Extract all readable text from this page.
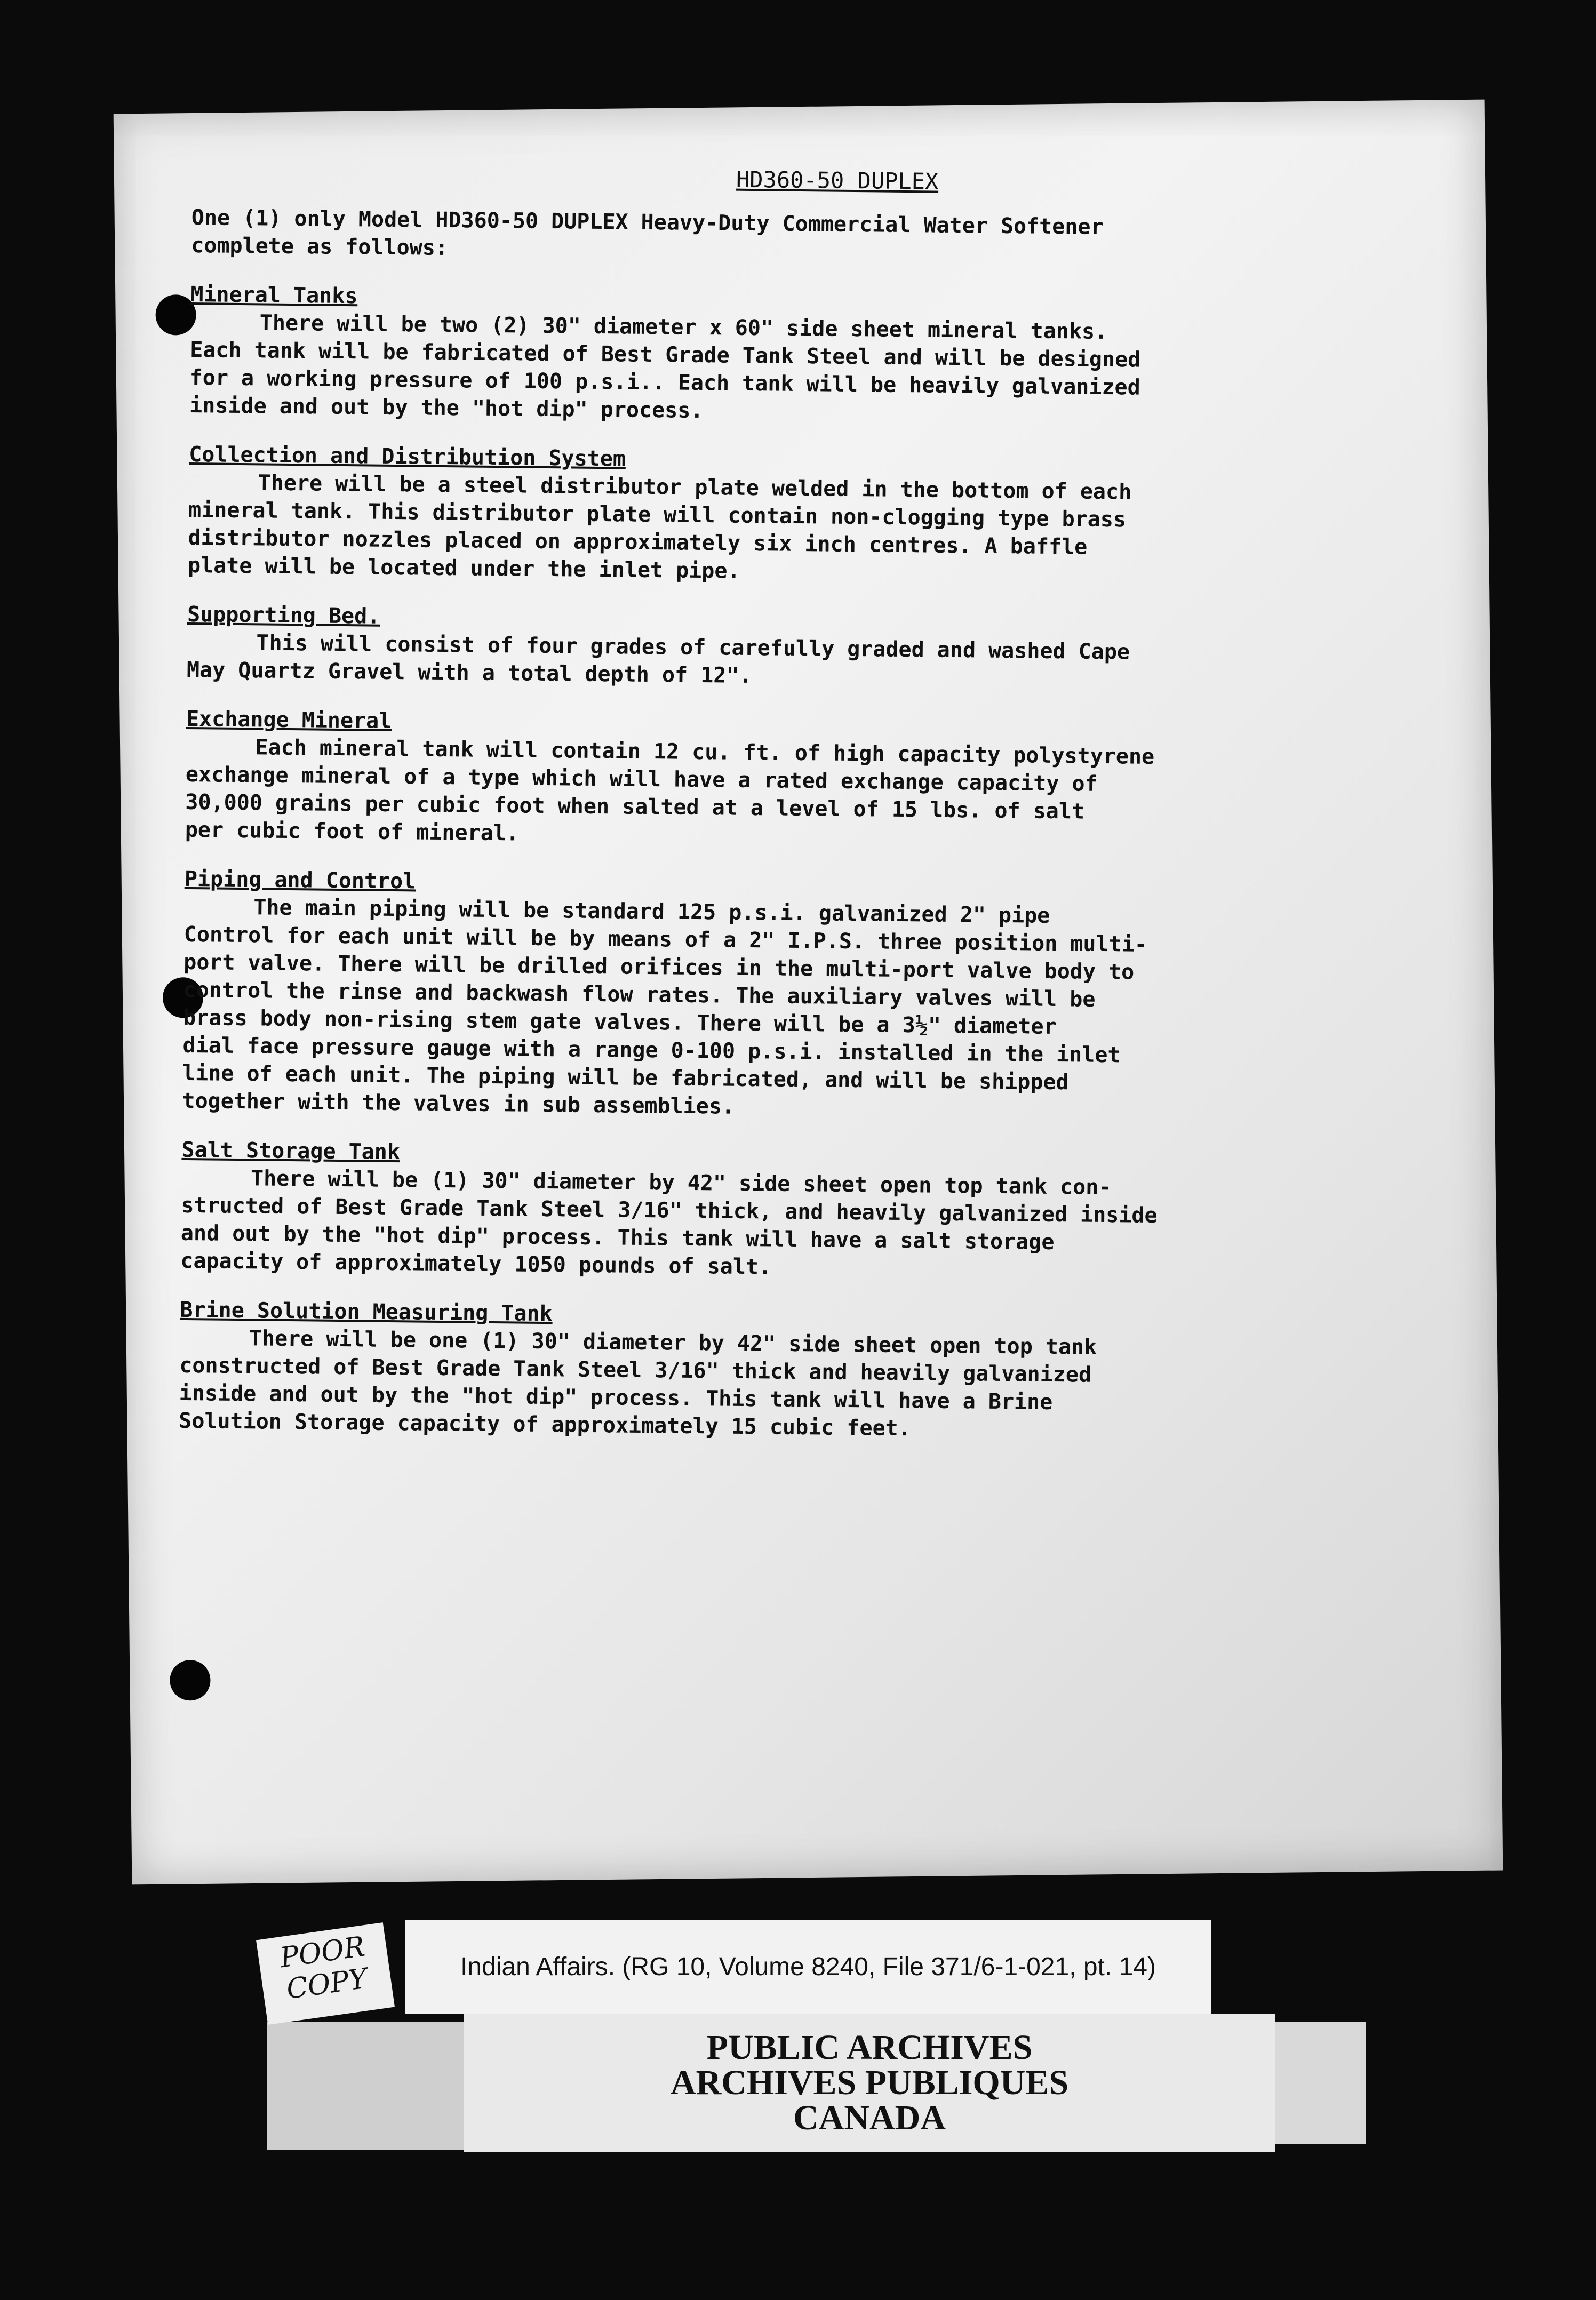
HD360-50 DUPLEX

One (1) only Model HD360-50 DUPLEX Heavy-Duty Commercial Water Softener
complete as follows:

Mineral Tanks

There will be two (2) 30" diameter x 60" side sheet mineral tanks.
Each tank will be fabricated of Best Grade Tank Steel and will be designed
for a working pressure of 100 p.s.i.. Each tank will be heavily galvanized
inside and out by the "hot dip" process.

Collection and Distribution System

There will be a steel distributor plate welded in the bottom of each
mineral tank. This distributor plate will contain non-clogging type brass
distributor nozzles placed on approximately six inch centres. A baffle
plate will be located under the inlet pipe.

Supporting Bed.

This will consist of four grades of carefully graded and washed Cape
May Quartz Gravel with a total depth of 12".

Exchange Mineral

Each mineral tank will contain 12 cu. ft. of high capacity polystyrene
exchange mineral of a type which will have a rated exchange capacity of
30,000 grains per cubic foot when salted at a level of 15 lbs. of salt
per cubic foot of mineral.

Piping and Control

The main piping will be standard 125 p.s.i. galvanized 2" pipe
Control for each unit will be by means of a 2" I.P.S. three position multi-
port valve. There will be drilled orifices in the multi-port valve body to
control the rinse and backwash flow rates. The auxiliary valves will be
brass body non-rising stem gate valves. There will be a 3½" diameter
dial face pressure gauge with a range 0-100 p.s.i. installed in the inlet
line of each unit. The piping will be fabricated, and will be shipped
together with the valves in sub assemblies.

Salt Storage Tank

There will be (1) 30" diameter by 42" side sheet open top tank con-
structed of Best Grade Tank Steel 3/16" thick, and heavily galvanized inside
and out by the "hot dip" process. This tank will have a salt storage
capacity of approximately 1050 pounds of salt.

Brine Solution Measuring Tank

There will be one (1) 30" diameter by 42" side sheet open top tank
constructed of Best Grade Tank Steel 3/16" thick and heavily galvanized
inside and out by the "hot dip" process. This tank will have a Brine
Solution Storage capacity of approximately 15 cubic feet.

POOR
COPY	Indian Affairs. (RG 10, Volume 8240, File 371/6-1-021, pt. 14)
PUBLIC ARCHIVES
ARCHIVES PUBLIQUES
CANADA
